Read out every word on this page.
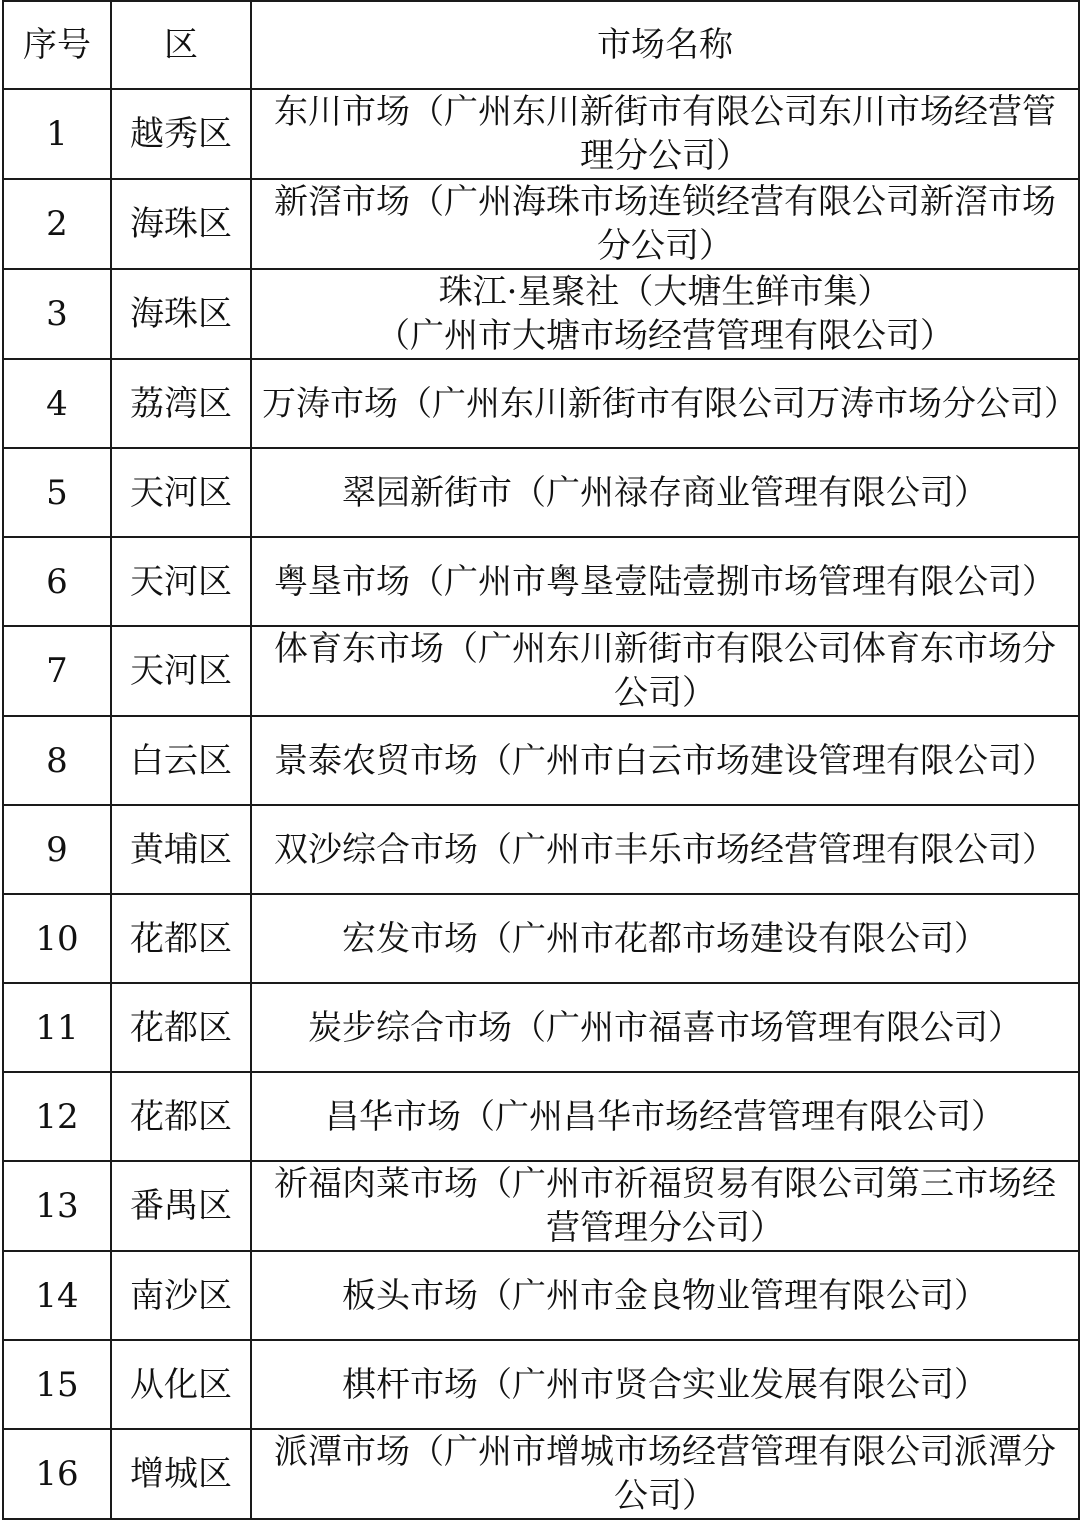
序号	区	市场名称
1	越秀区	东川市场（广州东川新街市有限公司东川市场经营管理分公司）
2	海珠区	新滘市场（广州海珠市场连锁经营有限公司新滘市场分公司）
3	海珠区	珠江·星聚社（大塘生鲜市集）
（广州市大塘市场经营管理有限公司）

4	荔湾区	万涛市场（广州东川新街市有限公司万涛市场分公司）
5	天河区	翠园新街市（广州禄存商业管理有限公司）
6	天河区	粤垦市场（广州市粤垦壹陆壹捌市场管理有限公司）
7	天河区	体育东市场（广州东川新街市有限公司体育东市场分公司）
8	白云区	景泰农贸市场（广州市白云市场建设管理有限公司）
9	黄埔区	双沙综合市场（广州市丰乐市场经营管理有限公司）
10	花都区	宏发市场（广州市花都市场建设有限公司）
11	花都区	炭步综合市场（广州市福喜市场管理有限公司）
12	花都区	昌华市场（广州昌华市场经营管理有限公司）
13	番禺区	祈福肉菜市场（广州市祈福贸易有限公司第三市场经营管理分公司）
14	南沙区	板头市场（广州市金良物业管理有限公司）
15	从化区	棋杆市场（广州市贤合实业发展有限公司）
16	增城区	派潭市场（广州市增城市场经营管理有限公司派潭分公司）
